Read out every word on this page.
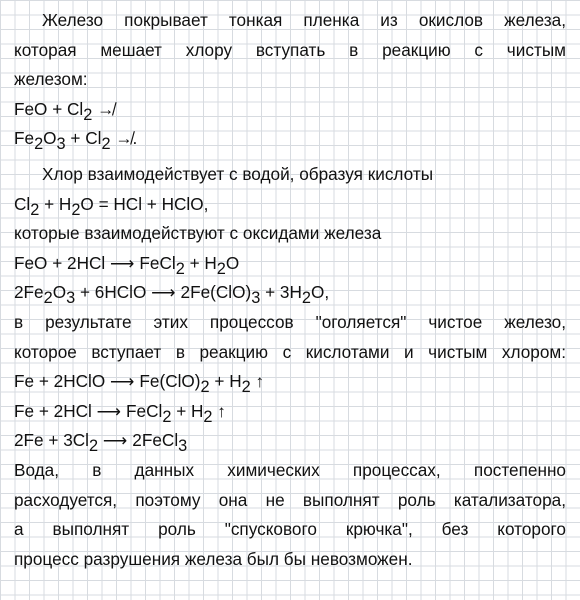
Железо покрывает тонкая пленка из окислов железа,
которая мешает хлору вступать в реакцию с чистым
железом:
FeO + Cl2 ↛
Fe2O3 + Cl2 ↛.
Хлор взаимодействует с водой, образуя кислоты
Cl2 + H2O = HCl + HClO,
которые взаимодействуют с оксидами железа
FeO + 2HCl ⟶ FeCl2 + H2O
2Fe2O3 + 6HClO ⟶ 2Fe(ClO)3 + 3H2O,
в результате этих процессов "оголяется" чистое железо,
которое вступает в реакцию с кислотами и чистым хлором:
Fe + 2HClO ⟶ Fe(ClO)2 + H2 ↑
Fe + 2HCl ⟶ FeCl2 + H2 ↑
2Fe + 3Cl2 ⟶ 2FeCl3
Вода, в данных химических процессах, постепенно
расходуется, поэтому она не выполнят роль катализатора,
а выполнят роль "спускового крючка", без которого
процесс разрушения железа был бы невозможен.
